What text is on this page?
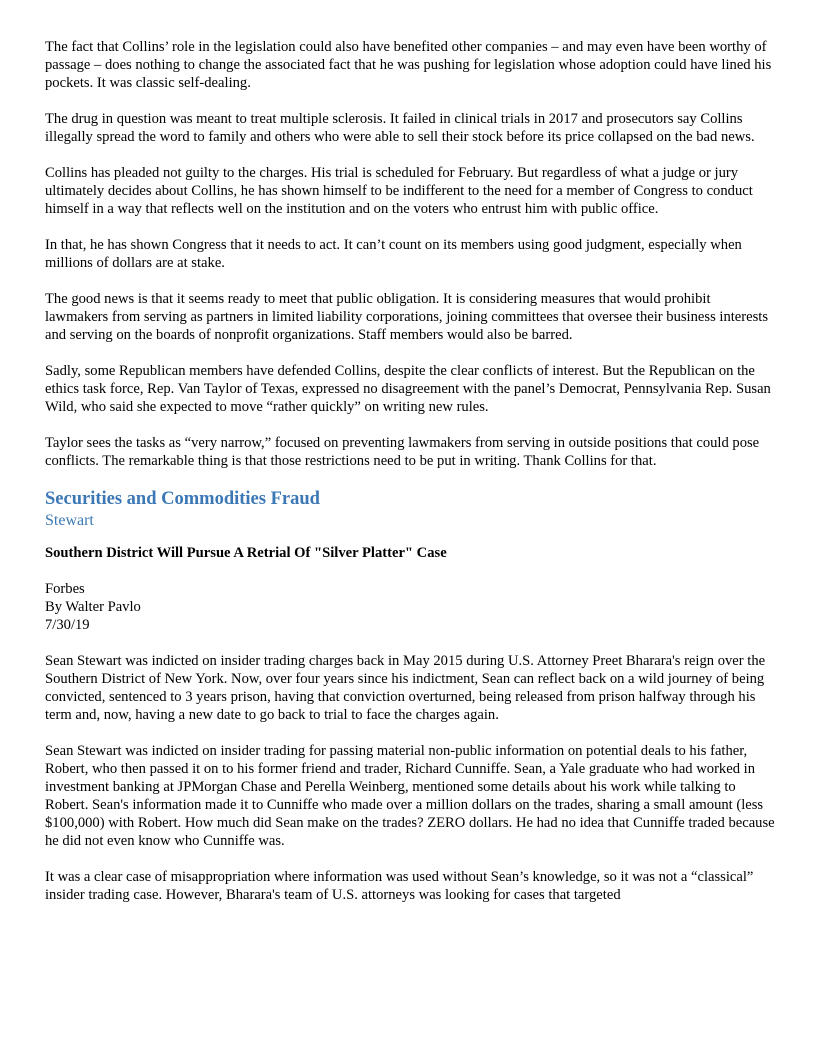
The fact that Collins’ role in the legislation could also have benefited other companies – and may even have been worthy of passage – does nothing to change the associated fact that he was pushing for legislation whose adoption could have lined his pockets. It was classic self-dealing.

The drug in question was meant to treat multiple sclerosis. It failed in clinical trials in 2017 and prosecutors say Collins illegally spread the word to family and others who were able to sell their stock before its price collapsed on the bad news.

Collins has pleaded not guilty to the charges. His trial is scheduled for February. But regardless of what a judge or jury ultimately decides about Collins, he has shown himself to be indifferent to the need for a member of Congress to conduct himself in a way that reflects well on the institution and on the voters who entrust him with public office.

In that, he has shown Congress that it needs to act. It can’t count on its members using good judgment, especially when millions of dollars are at stake.

The good news is that it seems ready to meet that public obligation. It is considering measures that would prohibit lawmakers from serving as partners in limited liability corporations, joining committees that oversee their business interests and serving on the boards of nonprofit organizations. Staff members would also be barred.

Sadly, some Republican members have defended Collins, despite the clear conflicts of interest. But the Republican on the ethics task force, Rep. Van Taylor of Texas, expressed no disagreement with the panel’s Democrat, Pennsylvania Rep. Susan Wild, who said she expected to move “rather quickly” on writing new rules.

Taylor sees the tasks as “very narrow,” focused on preventing lawmakers from serving in outside positions that could pose conflicts. The remarkable thing is that those restrictions need to be put in writing. Thank Collins for that.

Securities and Commodities Fraud
Stewart

Southern District Will Pursue A Retrial Of "Silver Platter" Case

Forbes
By Walter Pavlo
7/30/19

Sean Stewart was indicted on insider trading charges back in May 2015 during U.S. Attorney Preet Bharara's reign over the Southern District of New York. Now, over four years since his indictment, Sean can reflect back on a wild journey of being convicted, sentenced to 3 years prison, having that conviction overturned, being released from prison halfway through his term and, now, having a new date to go back to trial to face the charges again.

Sean Stewart was indicted on insider trading for passing material non-public information on potential deals to his father, Robert, who then passed it on to his former friend and trader, Richard Cunniffe. Sean, a Yale graduate who had worked in investment banking at JPMorgan Chase and Perella Weinberg, mentioned some details about his work while talking to Robert. Sean's information made it to Cunniffe who made over a million dollars on the trades, sharing a small amount (less $100,000) with Robert. How much did Sean make on the trades? ZERO dollars. He had no idea that Cunniffe traded because he did not even know who Cunniffe was.

It was a clear case of misappropriation where information was used without Sean’s knowledge, so it was not a “classical” insider trading case. However, Bharara's team of U.S. attorneys was looking for cases that targeted
